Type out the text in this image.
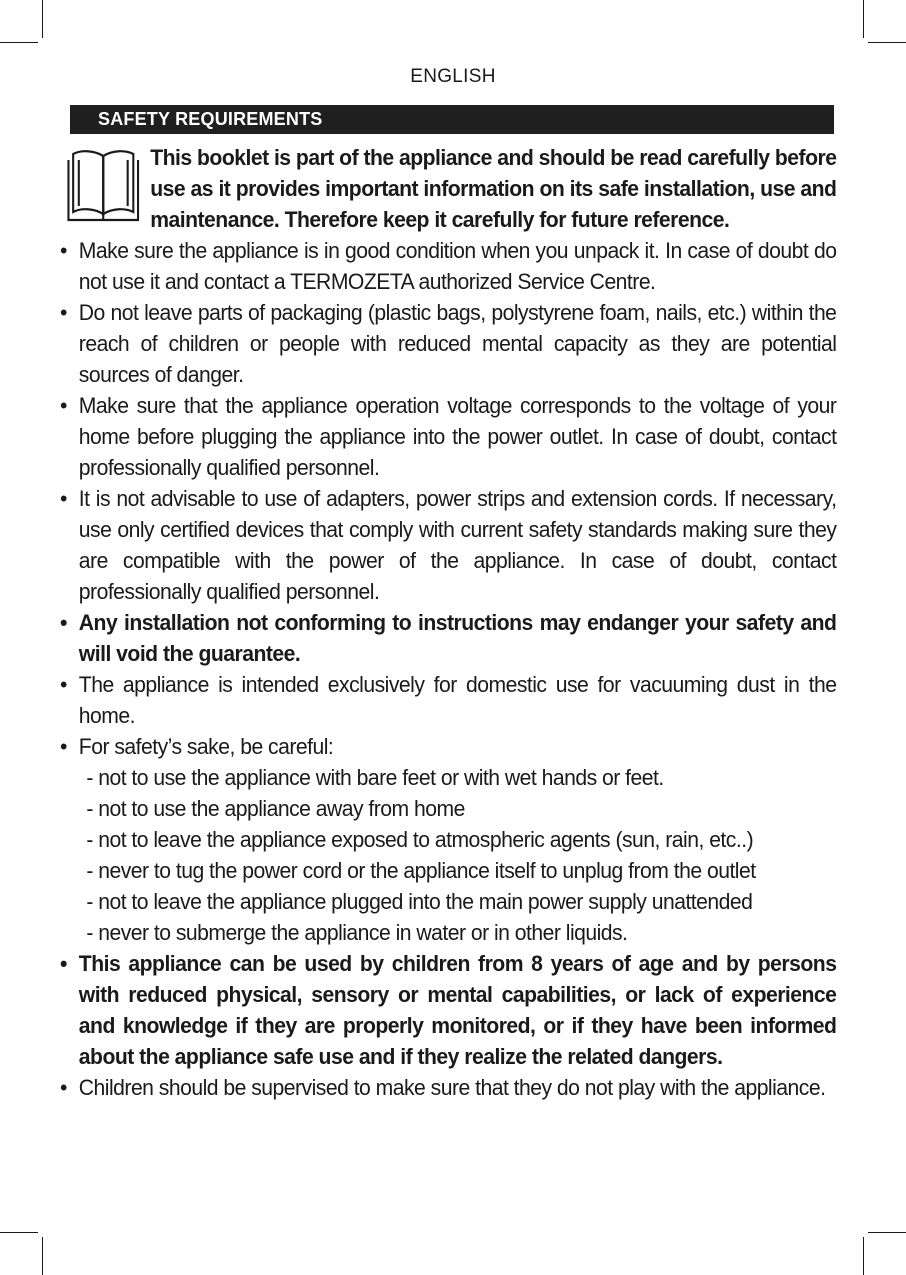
ENGLISH
SAFETY REQUIREMENTS

This booklet is part of the appliance and should be read carefully before use as it provides important information on its safe installation, use and maintenance. Therefore keep it carefully for future reference.

• Make sure the appliance is in good condition when you unpack it. In case of doubt do not use it and contact a TERMOZETA authorized Service Centre.

• Do not leave parts of packaging (plastic bags, polystyrene foam, nails, etc.) within the reach of children or people with reduced mental capacity as they are potential sources of danger.

• Make sure that the appliance operation voltage corresponds to the voltage of your home before plugging the appliance into the power outlet. In case of doubt, contact professionally qualified personnel.

• It is not advisable to use of adapters, power strips and extension cords. If necessary, use only certified devices that comply with current safety standards making sure they are compatible with the power of the appliance. In case of doubt, contact professionally qualified personnel.

• Any installation not conforming to instructions may endanger your safety and will void the guarantee.

• The appliance is intended exclusively for domestic use for vacuuming dust in the home.

• For safety’s sake, be careful:

- not to use the appliance with bare feet or with wet hands or feet.

- not to use the appliance away from home

- not to leave the appliance exposed to atmospheric agents (sun, rain, etc..)

- never to tug the power cord or the appliance itself to unplug from the outlet

- not to leave the appliance plugged into the main power supply unattended

- never to submerge the appliance in water or in other liquids.

• This appliance can be used by children from 8 years of age and by persons with reduced physical, sensory or mental capabilities, or lack of experience and knowledge if they are properly monitored, or if they have been informed about the appliance safe use and if they realize the related dangers.

• Children should be supervised to make sure that they do not play with the appliance.
